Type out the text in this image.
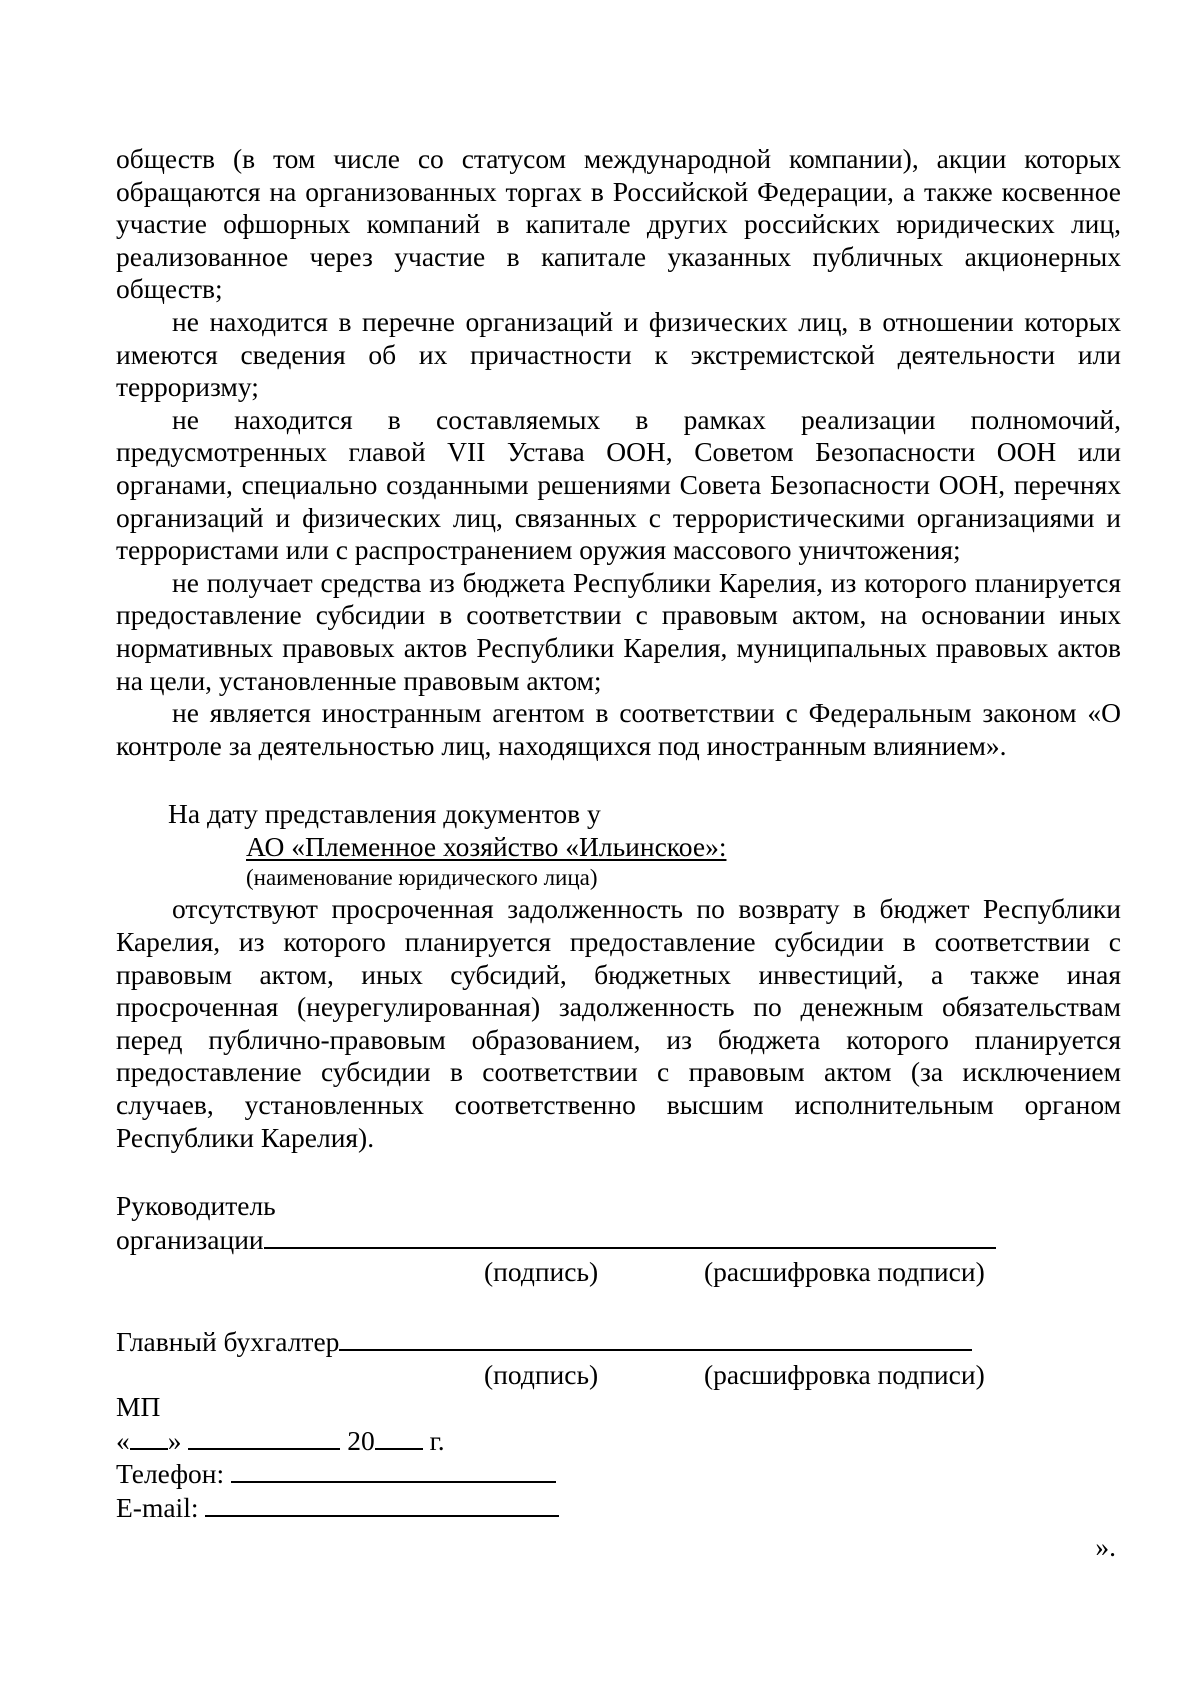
обществ (в том числе со статусом международной компании), акции которых обращаются на организованных торгах в Российской Федерации, а также косвенное участие офшорных компаний в капитале других российских юридических лиц, реализованное через участие в капитале указанных публичных акционерных обществ;

не находится в перечне организаций и физических лиц, в отношении которых имеются сведения об их причастности к экстремистской деятельности или терроризму;

не находится в составляемых в рамках реализации полномочий, предусмотренных главой VII Устава ООН, Советом Безопасности ООН или органами, специально созданными решениями Совета Безопасности ООН, перечнях организаций и физических лиц, связанных с террористическими организациями и террористами или с распространением оружия массового уничтожения;

не получает средства из бюджета Республики Карелия, из которого планируется предоставление субсидии в соответствии с правовым актом, на основании иных нормативных правовых актов Республики Карелия, муниципальных правовых актов на цели, установленные правовым актом;

не является иностранным агентом в соответствии с Федеральным законом «О контроле за деятельностью лиц, находящихся под иностранным влиянием».

На дату представления документов у

АО «Племенное хозяйство «Ильинское»:

(наименование юридического лица)

отсутствуют просроченная задолженность по возврату в бюджет Республики Карелия, из которого планируется предоставление субсидии в соответствии с правовым актом, иных субсидий, бюджетных инвестиций, а также иная просроченная (неурегулированная) задолженность по денежным обязательствам перед публично-правовым образованием, из бюджета которого планируется предоставление субсидии в соответствии с правовым актом (за исключением случаев, установленных соответственно высшим исполнительным органом Республики Карелия).

Руководитель
организации
(подпись)	(расшифровка подписи)
Главный бухгалтер
(подпись)	(расшифровка подписи)
МП
« »	20 г.
Телефон:
E-mail:
».
